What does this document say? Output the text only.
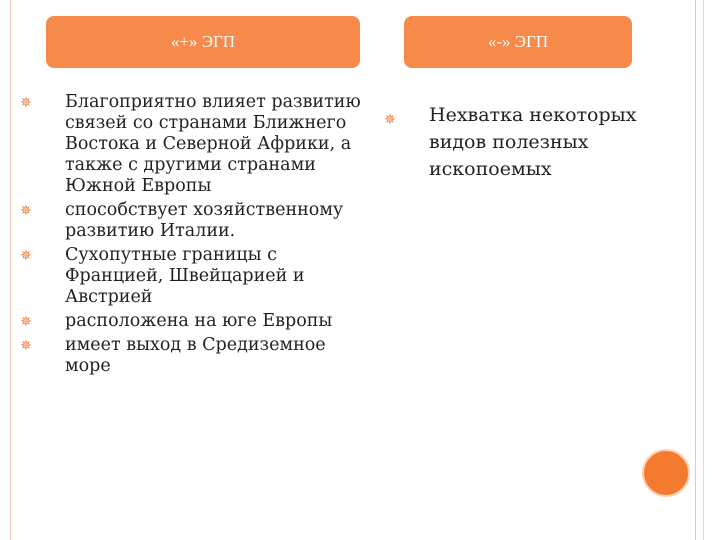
«+» ЭГП	«-» ЭГП
✵ Благоприятно влияет развитию связей со странами Ближнего Востока и Северной Африки, а также с другими странами Южной Европы
✵ способствует хозяйственному развитию Италии.
✵ Сухопутные границы с Францией, Швейцарией и Австрией
✵ расположена на юге Европы
✵ имеет выход в Средиземное море
✵ Нехватка некоторых видов полезных ископоемых
